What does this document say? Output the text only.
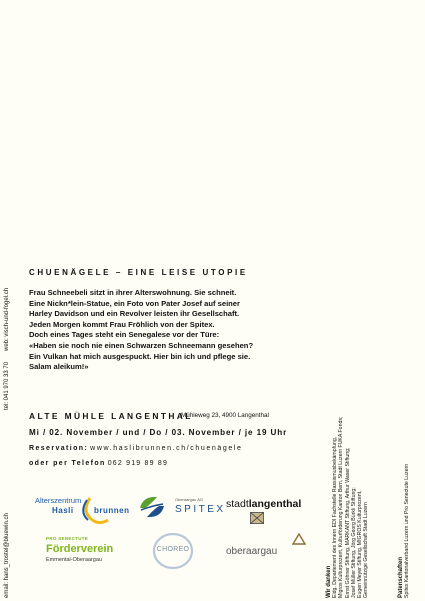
email: hans_trostel@bluewin.ch
tel: 041 970 33 70
web: visch-und-fogel.ch
CHUENÄGELE – EINE LEISE UTOPIE
Frau Schneebeli sitzt in ihrer Alterswohnung. Sie schneit.
Eine Nickn*lein-Statue, ein Foto von Pater Josef auf seiner
Harley Davidson und ein Revolver leisten ihr Gesellschaft.
Jeden Morgen kommt Frau Fröhlich von der Spitex.
Doch eines Tages steht ein Senegalese vor der Türe:
«Haben sie noch nie einen Schwarzen Schneemann gesehen?
Ein Vulkan hat mich ausgespuckt. Hier bin ich und pflege sie.
Salam aleikum!»
ALTE MÜHLE LANGENTHAL
Mühleweg 23, 4900 Langenthal
Mi / 02. November / und / Do / 03. November / je 19 Uhr
Reservation: www.haslibrunnen.ch/chuenägele
oder per Telefon 062 919 89 89
Alterszentrum
Hasli	brunnen
Oberaargau AG
SPITEX stadtlangenthal
PRO SENECTUTE
Förderverein
Emmental-Oberaargau
CHOREO	oberaargau
Wir danken Eidg. Departement des Innern EDI Fachstelle Rassismusbekämpfung, Migros Kulturprozent, Kulturförderung Kanton Bern, Stadt Luzern FUKA Fonds; Ernst Göhner Stiftung, MARKANT Stiftung, Arthur Waser Stiftung; Josef Müller Stiftung, Jörg Georg Bürkli Stiftung; Eugen Meyer Stiftung, MIGROS Kulturprozent, Gemeinnützige Gesellschaft Stadt Luzern	Patenschaften Spitex Kantonalverband Luzern und Pro Senectute Luzern
